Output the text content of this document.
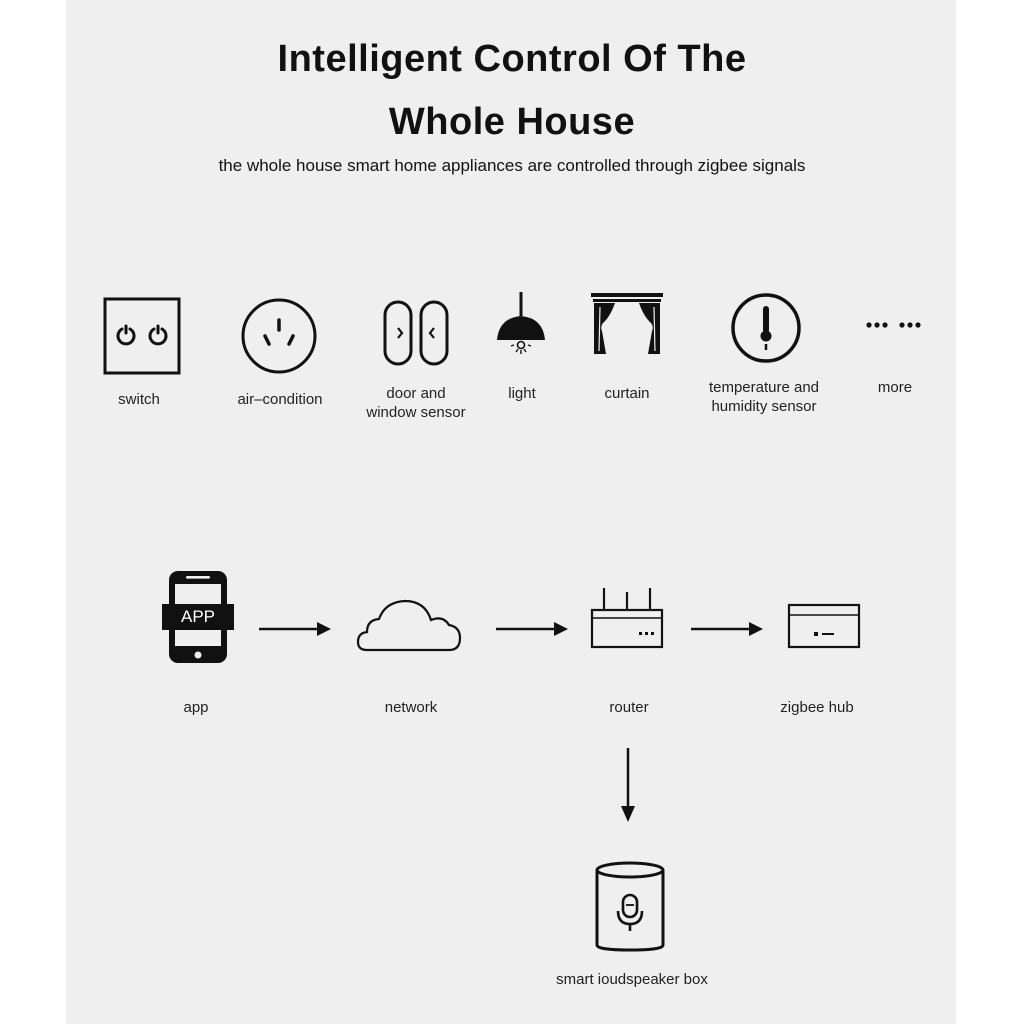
Intelligent Control Of The
Whole House
the whole house smart home appliances are controlled through zigbee signals
switch	air–condition	door and
window sensor
light	curtain	temperature and
humidity sensor
more
APP
app	network	router	zigbee hub
smart ioudspeaker box
